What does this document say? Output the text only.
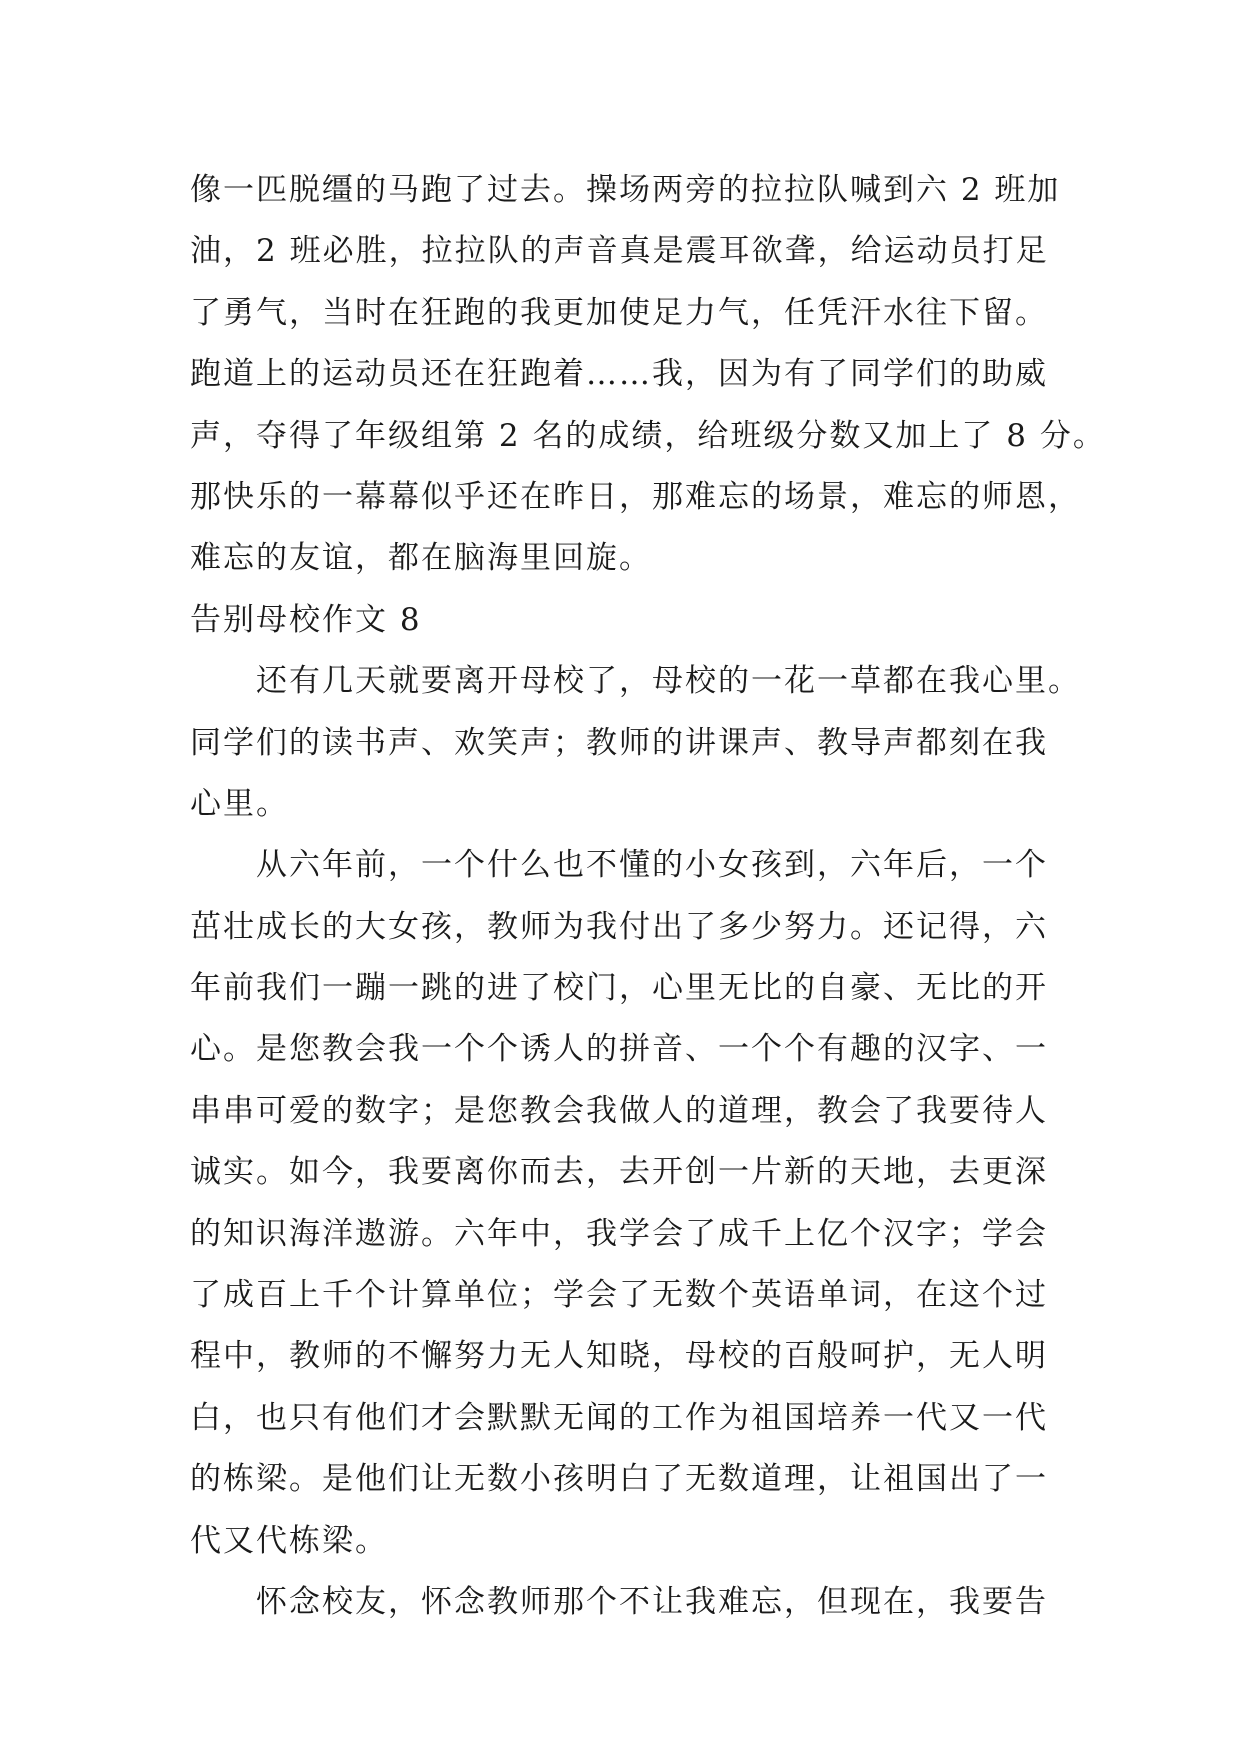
像一匹脱缰的马跑了过去。操场两旁的拉拉队喊到六 2 班加
油，2 班必胜，拉拉队的声音真是震耳欲聋，给运动员打足
了勇气，当时在狂跑的我更加使足力气，任凭汗水往下留。
跑道上的运动员还在狂跑着……我，因为有了同学们的助威
声，夺得了年级组第 2 名的成绩，给班级分数又加上了 8 分。
那快乐的一幕幕似乎还在昨日，那难忘的场景，难忘的师恩，
难忘的友谊，都在脑海里回旋。
告别母校作文 8
还有几天就要离开母校了，母校的一花一草都在我心里。
同学们的读书声、欢笑声；教师的讲课声、教导声都刻在我
心里。
从六年前，一个什么也不懂的小女孩到，六年后，一个
茁壮成长的大女孩，教师为我付出了多少努力。还记得，六
年前我们一蹦一跳的进了校门，心里无比的自豪、无比的开
心。是您教会我一个个诱人的拼音、一个个有趣的汉字、一
串串可爱的数字；是您教会我做人的道理，教会了我要待人
诚实。如今，我要离你而去，去开创一片新的天地，去更深
的知识海洋遨游。六年中，我学会了成千上亿个汉字；学会
了成百上千个计算单位；学会了无数个英语单词，在这个过
程中，教师的不懈努力无人知晓，母校的百般呵护，无人明
白，也只有他们才会默默无闻的工作为祖国培养一代又一代
的栋梁。是他们让无数小孩明白了无数道理，让祖国出了一
代又代栋梁。
怀念校友，怀念教师那个不让我难忘，但现在，我要告
